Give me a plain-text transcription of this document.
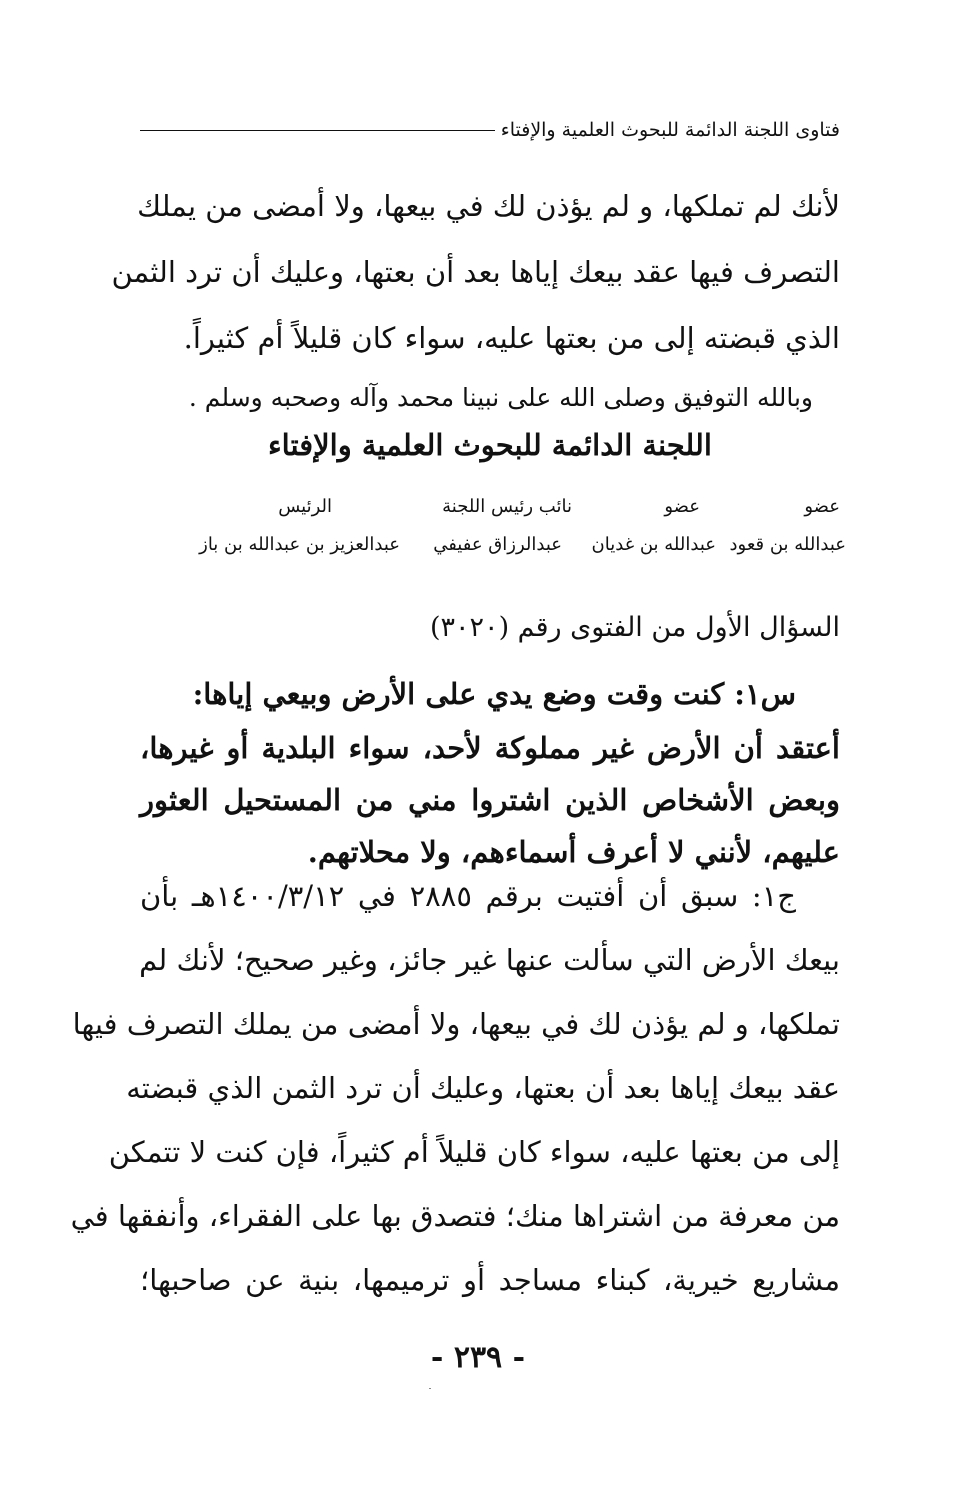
فتاوى اللجنة الدائمة للبحوث العلمية والإفتاء
لأنك لم تملكها، و لم يؤذن لك في بيعها، ولا أمضى من يملك
التصرف فيها عقد بيعك إياها بعد أن بعتها، وعليك أن ترد الثمن
الذي قبضته إلى من بعتها عليه، سواء كان قليلاً أم كثيراً.
وبالله التوفيق وصلى الله على نبينا محمد وآله وصحبه وسلم .
اللجنة الدائمة للبحوث العلمية والإفتاء
عضو
عضو
نائب رئيس اللجنة
الرئيس
عبدالله بن قعود
عبدالله بن غديان
عبدالرزاق عفيفي
عبدالعزيز بن عبدالله بن باز
السؤال الأول من الفتوى رقم (٣٠٢٠)
س١: كنت وقت وضع يدي على الأرض وبيعي إياها:
أعتقد أن الأرض غير مملوكة لأحد، سواء البلدية أو غيرها،
وبعض الأشخاص الذين اشتروا مني من المستحيل العثور
عليهم، لأنني لا أعرف أسماءهم، ولا محلاتهم.
ج١: سبق أن أفتيت برقم ٢٨٨٥ في ١٤٠٠/٣/١٢هـ بأن
بيعك الأرض التي سألت عنها غير جائز، وغير صحيح؛ لأنك لم
تملكها، و لم يؤذن لك في بيعها، ولا أمضى من يملك التصرف فيها
عقد بيعك إياها بعد أن بعتها، وعليك أن ترد الثمن الذي قبضته
إلى من بعتها عليه، سواء كان قليلاً أم كثيراً، فإن كنت لا تتمكن
من معرفة من اشتراها منك؛ فتصدق بها على الفقراء، وأنفقها في
مشاريع خيرية، كبناء مساجد أو ترميمها، بنية عن صاحبها؛
- ٢٣٩ -
